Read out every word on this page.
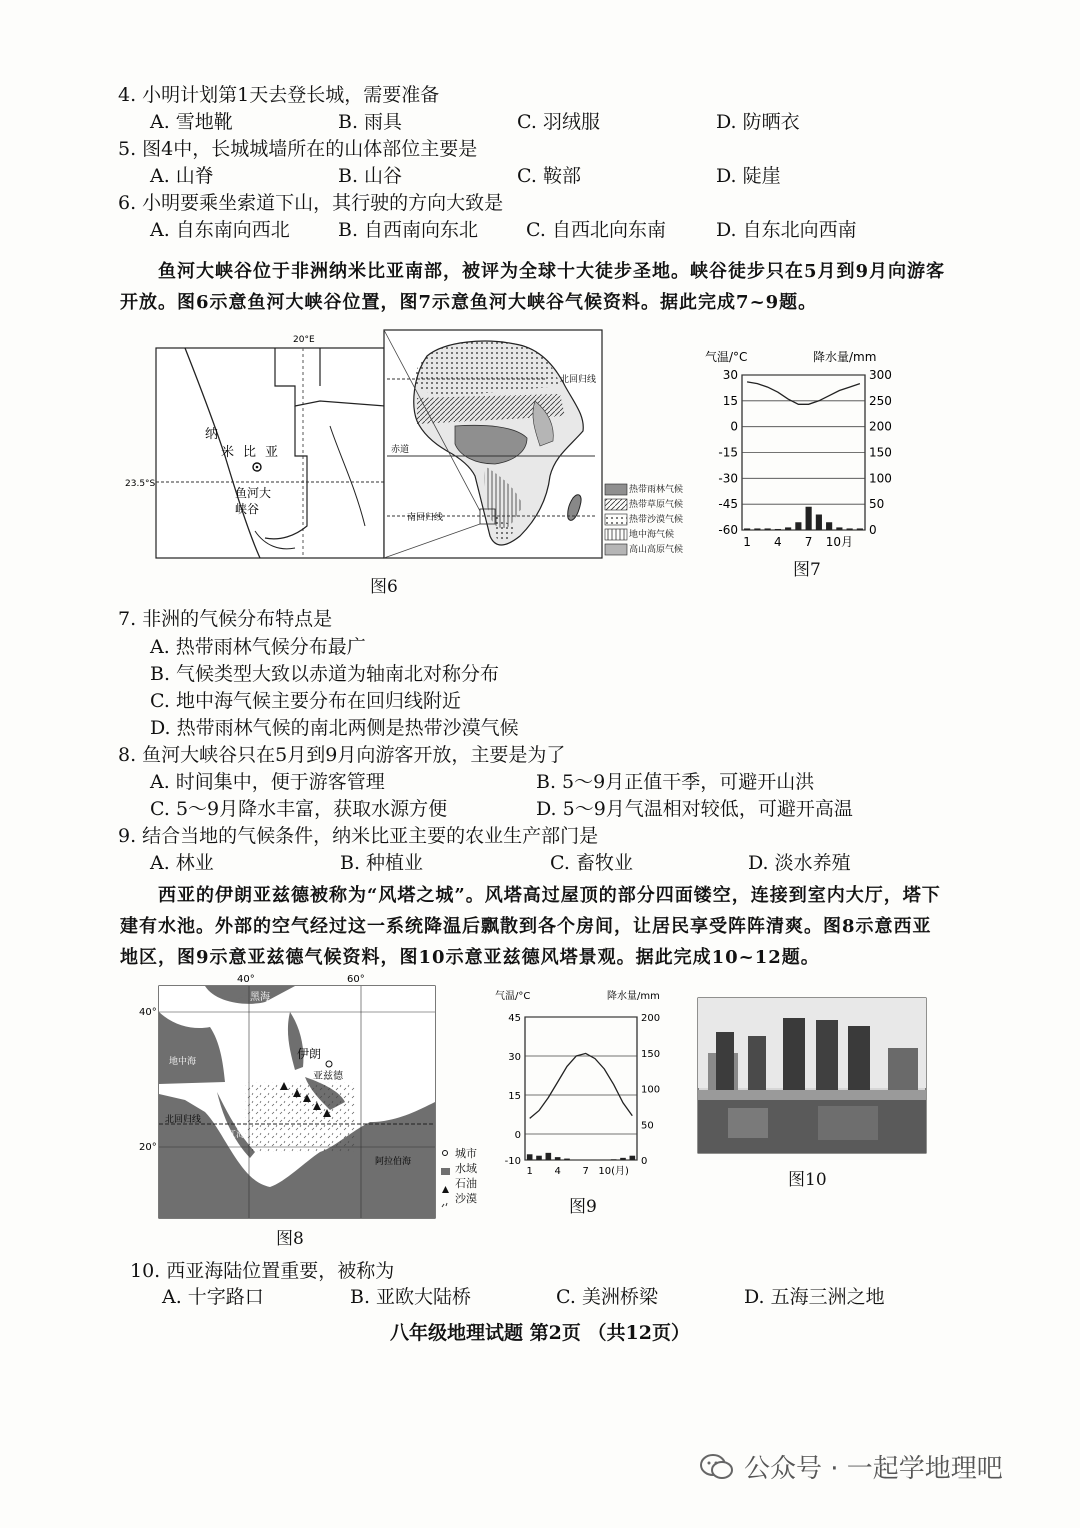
4. 小明计划第1天去登长城，需要准备
A. 雪地靴	B. 雨具	C. 羽绒服	D. 防晒衣
5. 图4中，长城城墙所在的山体部位主要是
A. 山脊	B. 山谷	C. 鞍部	D. 陡崖
6. 小明要乘坐索道下山，其行驶的方向大致是
A. 自东南向西北	B. 自西南向东北	C. 自西北向东南	D. 自东北向西南
鱼河大峡谷位于非洲纳米比亚南部，被评为全球十大徒步圣地。峡谷徒步只在5月到9月向游客开放。图6示意鱼河大峡谷位置，图7示意鱼河大峡谷气候资料。据此完成7~9题。
20°E
纳
米 比 亚
23.5°S
鱼河大
峡谷
北回归线
赤道
南回归线
热带雨林气候
热带草原气候
热带沙漠气候
地中海气候
高山高原气候
图6
气温/°C	降水量/mm
30
15
0
-15
-30
-45
-60
300
250
200
150
100
50
0
1 4 7 10月
图7
7. 非洲的气候分布特点是
A. 热带雨林气候分布最广
B. 气候类型大致以赤道为轴南北对称分布
C. 地中海气候主要分布在回归线附近
D. 热带雨林气候的南北两侧是热带沙漠气候
8. 鱼河大峡谷只在5月到9月向游客开放，主要是为了
A. 时间集中，便于游客管理	B. 5～9月正值干季，可避开山洪
C. 5～9月降水丰富，获取水源方便	D. 5～9月气温相对较低，可避开高温
9. 结合当地的气候条件，纳米比亚主要的农业生产部门是
A. 林业	B. 种植业	C. 畜牧业	D. 淡水养殖
西亚的伊朗亚兹德被称为“风塔之城”。风塔高过屋顶的部分四面镂空，连接到室内大厅，塔下建有水池。外部的空气经过这一系统降温后飘散到各个房间，让居民享受阵阵清爽。图8示意西亚地区，图9示意亚兹德气候资料，图10示意亚兹德风塔景观。据此完成10~12题。
40°	60°
40°
20°
黑海
地中海
伊朗
亚兹德
北回归线
红海
阿拉伯海
城市
水域
石油
沙漠
图8
气温/°C	降水量/mm
45
30
15
0
-10
200
150
100
50
0
1 4 7 10(月)
图9
图10
10. 西亚海陆位置重要，被称为
A. 十字路口	B. 亚欧大陆桥	C. 美洲桥梁	D. 五海三洲之地
八年级地理试题 第2页 （共12页）
公众号 · 一起学地理吧
